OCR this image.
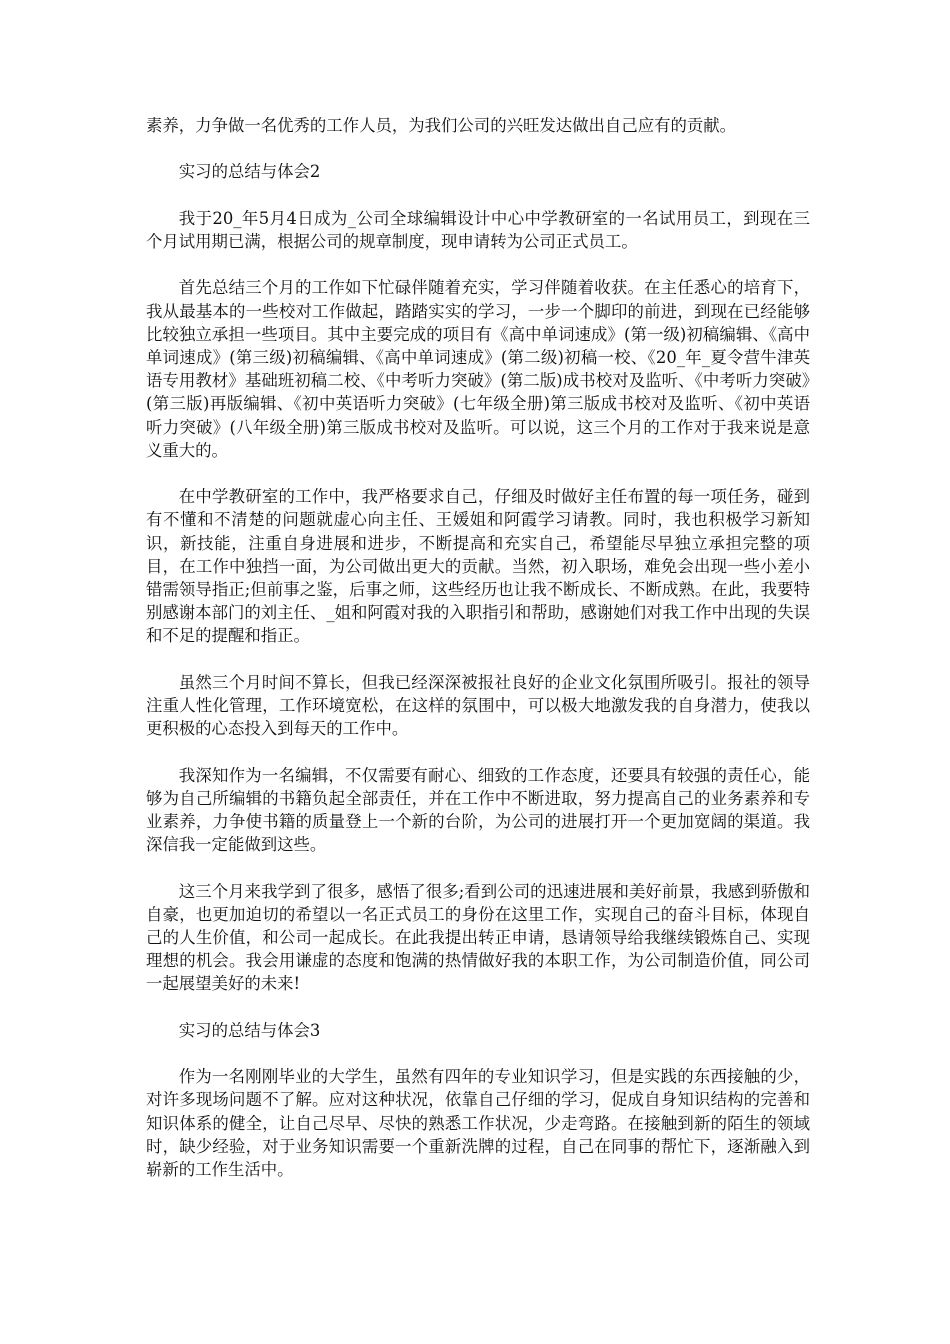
素养，力争做一名优秀的工作人员，为我们公司的兴旺发达做出自己应有的贡献。

实习的总结与体会2

我于20_年5月4日成为_公司全球编辑设计中心中学教研室的一名试用员工，到现在三个月试用期已满，根据公司的规章制度，现申请转为公司正式员工。

首先总结三个月的工作如下忙碌伴随着充实，学习伴随着收获。在主任悉心的培育下，我从最基本的一些校对工作做起，踏踏实实的学习，一步一个脚印的前进，到现在已经能够比较独立承担一些项目。其中主要完成的项目有《高中单词速成》(第一级)初稿编辑、《高中单词速成》(第三级)初稿编辑、《高中单词速成》(第二级)初稿一校、《20_年_夏令营牛津英语专用教材》基础班初稿二校、《中考听力突破》(第二版)成书校对及监听、《中考听力突破》(第三版)再版编辑、《初中英语听力突破》(七年级全册)第三版成书校对及监听、《初中英语听力突破》(八年级全册)第三版成书校对及监听。可以说，这三个月的工作对于我来说是意义重大的。

在中学教研室的工作中，我严格要求自己，仔细及时做好主任布置的每一项任务，碰到有不懂和不清楚的问题就虚心向主任、王媛姐和阿霞学习请教。同时，我也积极学习新知识，新技能，注重自身进展和进步，不断提高和充实自己，希望能尽早独立承担完整的项目，在工作中独挡一面，为公司做出更大的贡献。当然，初入职场，难免会出现一些小差小错需领导指正;但前事之鉴，后事之师，这些经历也让我不断成长、不断成熟。在此，我要特别感谢本部门的刘主任、_姐和阿霞对我的入职指引和帮助，感谢她们对我工作中出现的失误和不足的提醒和指正。

虽然三个月时间不算长，但我已经深深被报社良好的企业文化氛围所吸引。报社的领导注重人性化管理，工作环境宽松，在这样的氛围中，可以极大地激发我的自身潜力，使我以更积极的心态投入到每天的工作中。

我深知作为一名编辑，不仅需要有耐心、细致的工作态度，还要具有较强的责任心，能够为自己所编辑的书籍负起全部责任，并在工作中不断进取，努力提高自己的业务素养和专业素养，力争使书籍的质量登上一个新的台阶，为公司的进展打开一个更加宽阔的渠道。我深信我一定能做到这些。

这三个月来我学到了很多，感悟了很多;看到公司的迅速进展和美好前景，我感到骄傲和自豪，也更加迫切的希望以一名正式员工的身份在这里工作，实现自己的奋斗目标，体现自己的人生价值，和公司一起成长。在此我提出转正申请，恳请领导给我继续锻炼自己、实现理想的机会。我会用谦虚的态度和饱满的热情做好我的本职工作，为公司制造价值，同公司一起展望美好的未来!

实习的总结与体会3

作为一名刚刚毕业的大学生，虽然有四年的专业知识学习，但是实践的东西接触的少，对许多现场问题不了解。应对这种状况，依靠自己仔细的学习，促成自身知识结构的完善和知识体系的健全，让自己尽早、尽快的熟悉工作状况，少走弯路。在接触到新的陌生的领域时，缺少经验，对于业务知识需要一个重新洗牌的过程，自己在同事的帮忙下，逐渐融入到崭新的工作生活中。
